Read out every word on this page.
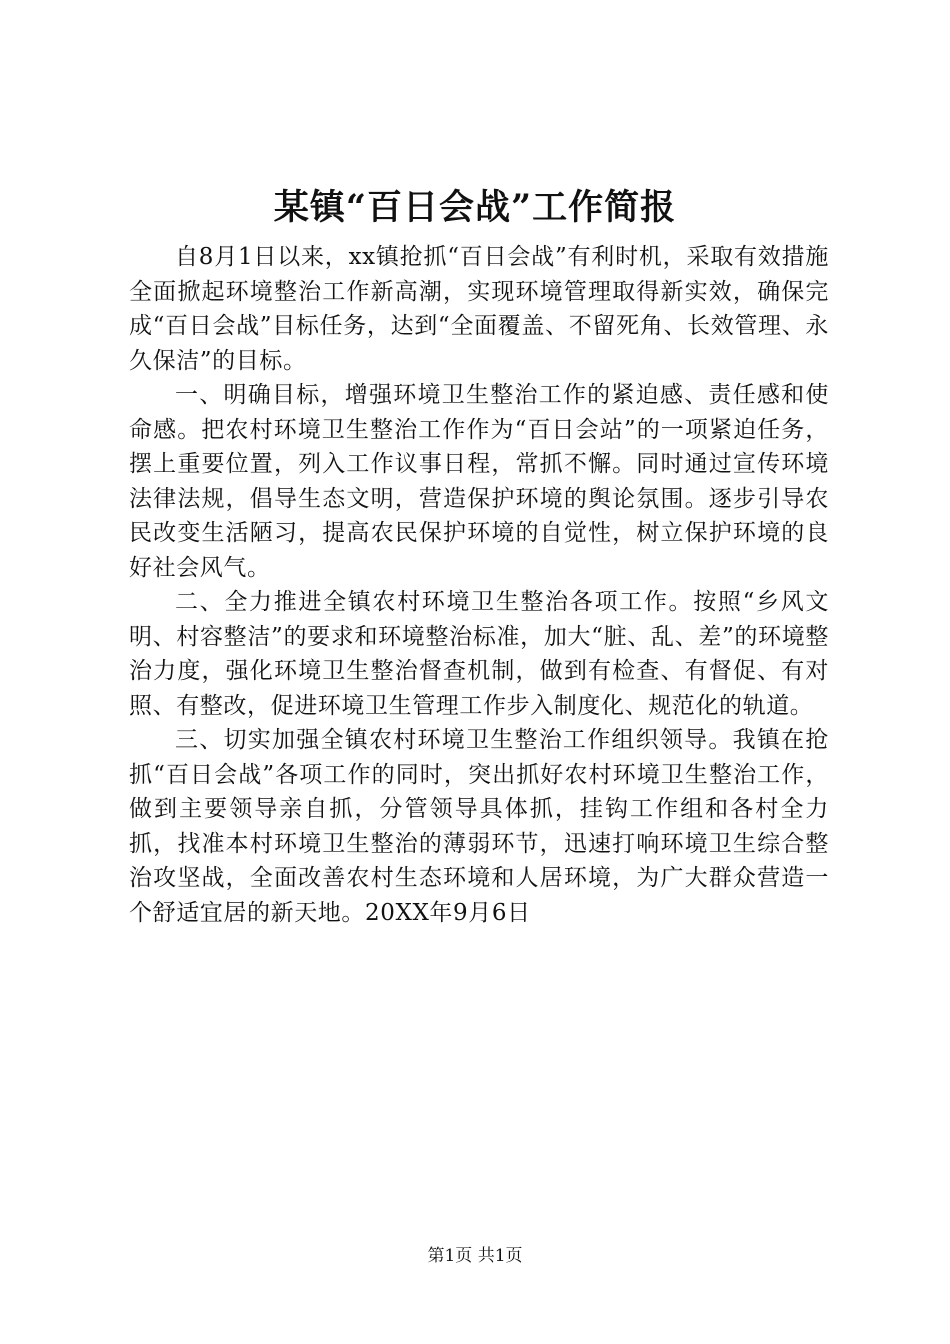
某镇“百日会战”工作简报

自8月1日以来，xx镇抢抓“百日会战”有利时机，采取有效措施全面掀起环境整治工作新高潮，实现环境管理取得新实效，确保完成“百日会战”目标任务，达到“全面覆盖、不留死角、长效管理、永久保洁”的目标。

一、明确目标，增强环境卫生整治工作的紧迫感、责任感和使命感。把农村环境卫生整治工作作为“百日会站”的一项紧迫任务，摆上重要位置，列入工作议事日程，常抓不懈。同时通过宣传环境法律法规，倡导生态文明，营造保护环境的舆论氛围。逐步引导农民改变生活陋习，提高农民保护环境的自觉性，树立保护环境的良好社会风气。

二、全力推进全镇农村环境卫生整治各项工作。按照“乡风文明、村容整洁”的要求和环境整治标准，加大“脏、乱、差”的环境整治力度，强化环境卫生整治督查机制，做到有检查、有督促、有对照、有整改，促进环境卫生管理工作步入制度化、规范化的轨道。

三、切实加强全镇农村环境卫生整治工作组织领导。我镇在抢抓“百日会战”各项工作的同时，突出抓好农村环境卫生整治工作，做到主要领导亲自抓，分管领导具体抓，挂钩工作组和各村全力抓，找准本村环境卫生整治的薄弱环节，迅速打响环境卫生综合整治攻坚战，全面改善农村生态环境和人居环境，为广大群众营造一个舒适宜居的新天地。20XX年9月6日

第1页 共1页
